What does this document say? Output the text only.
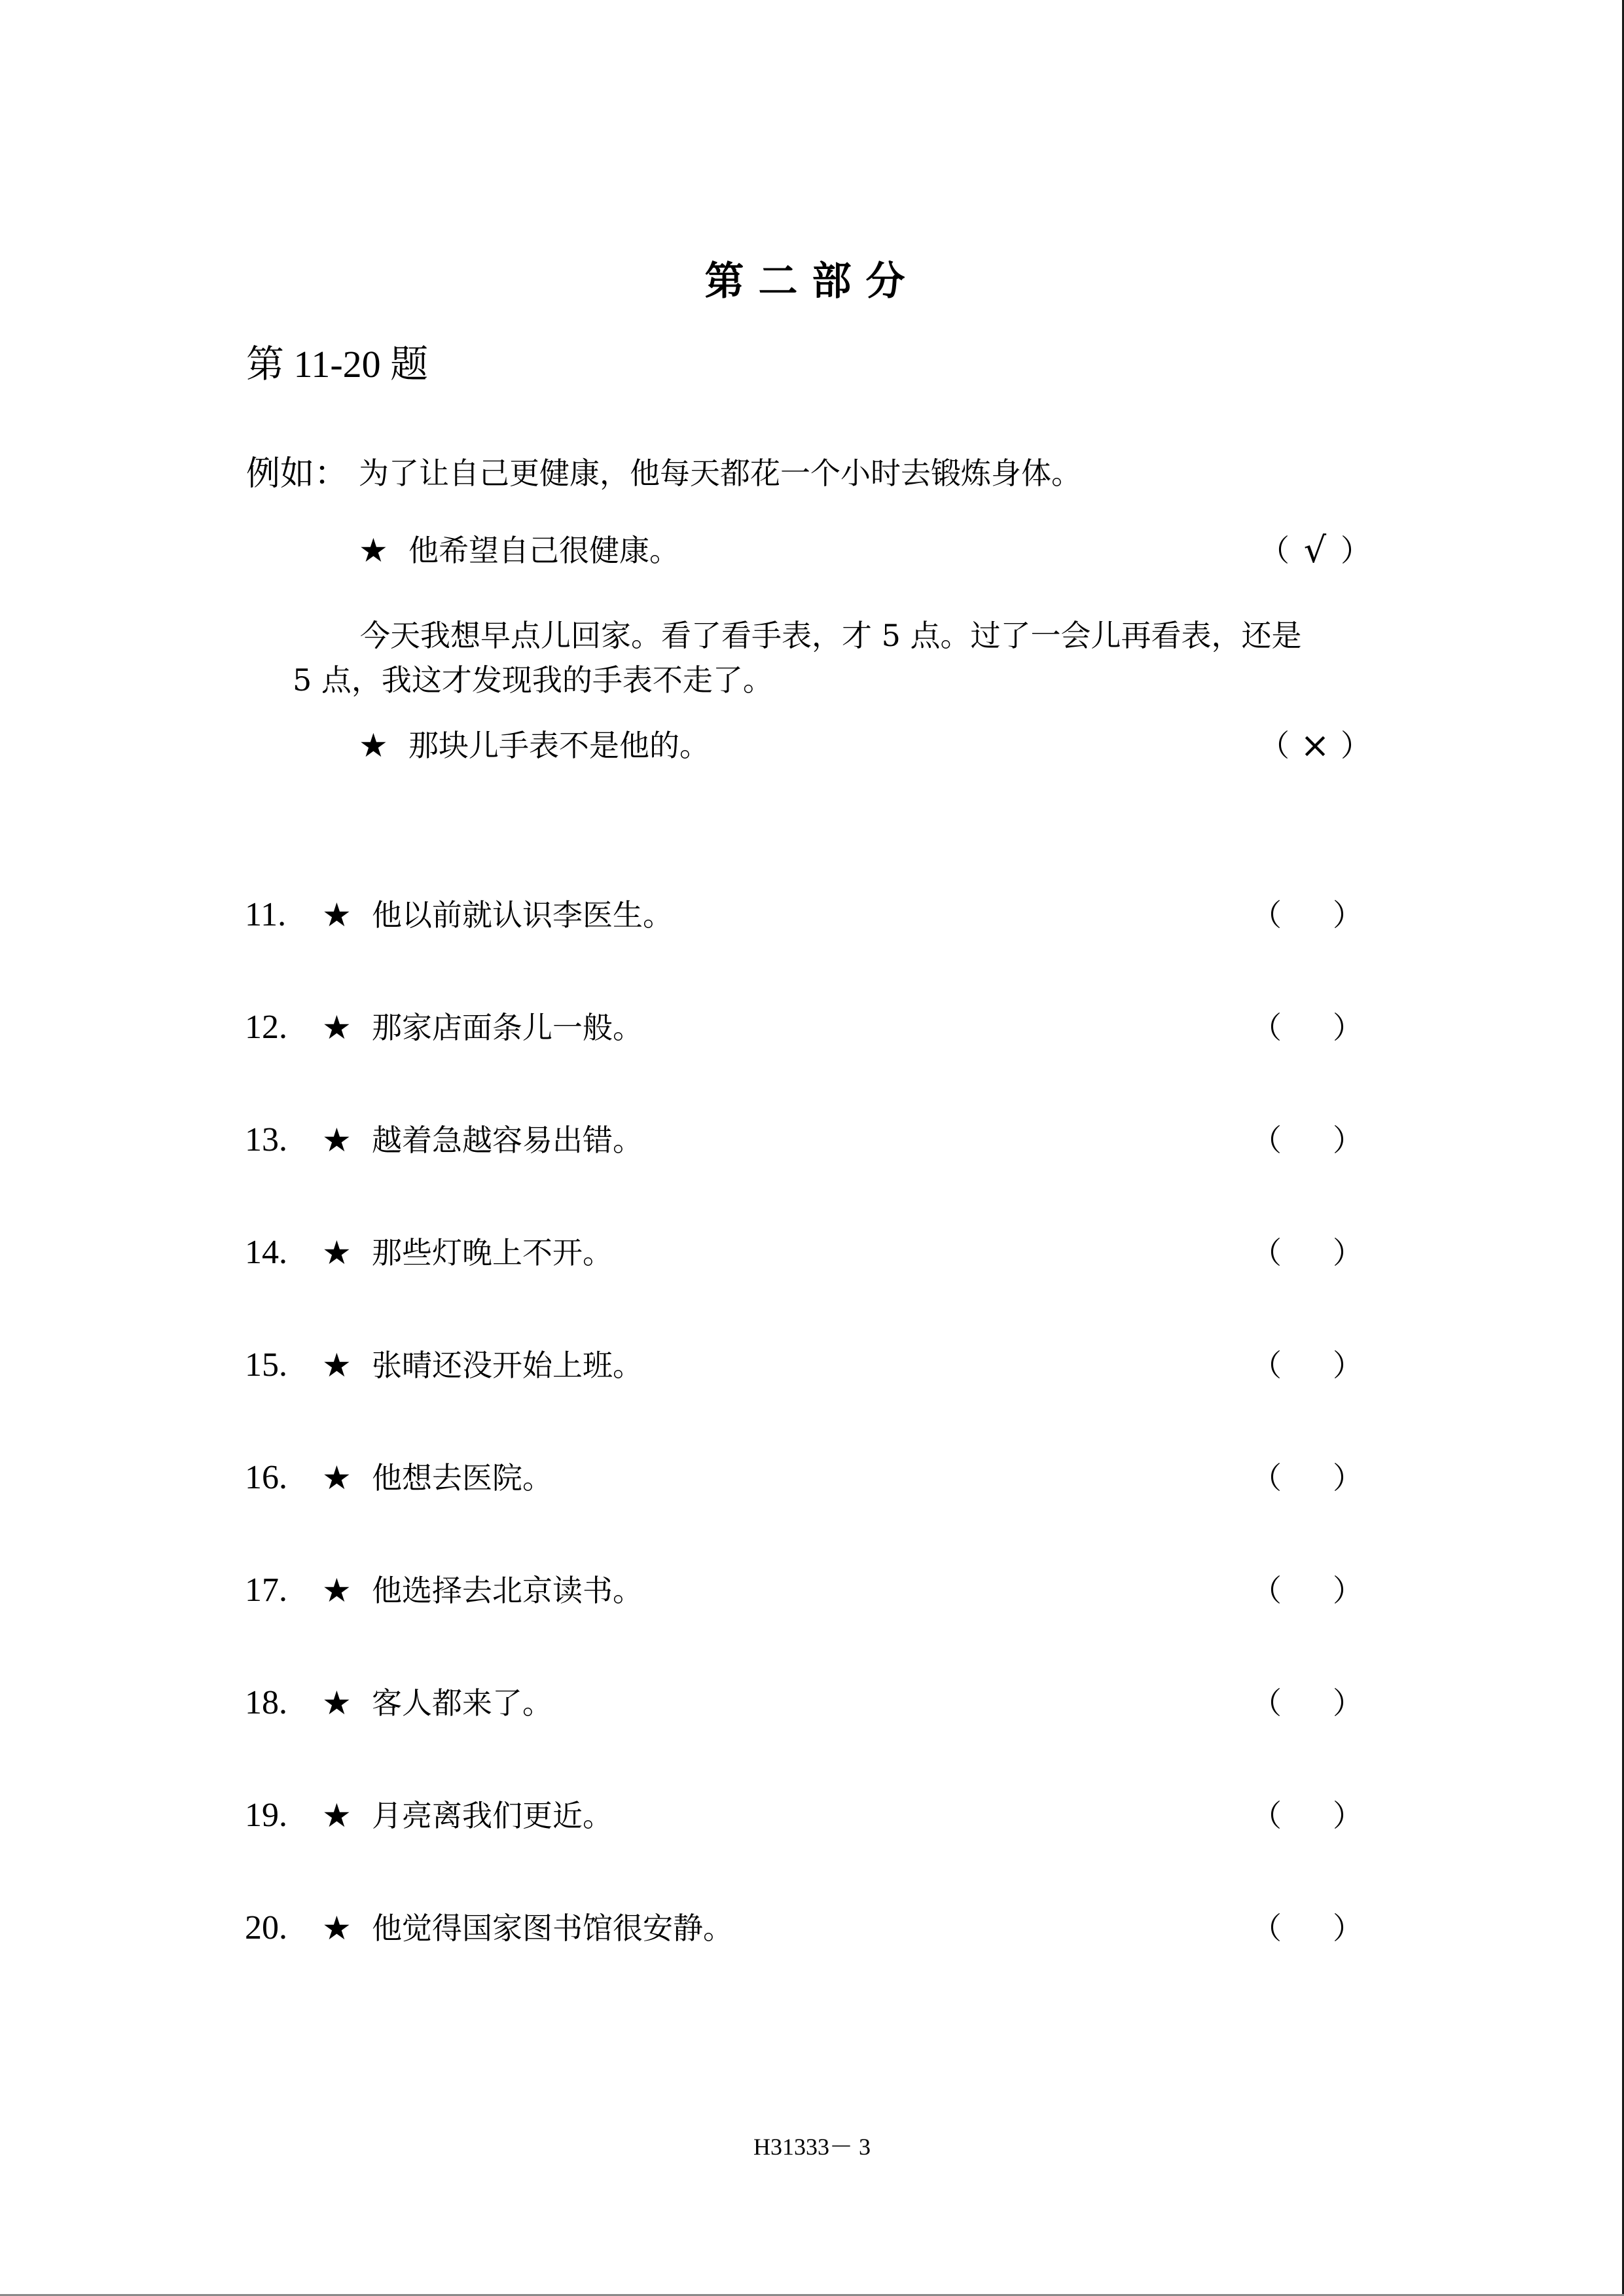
第二部分
第 11-20 题
例如： 为了让自己更健康，他每天都花一个小时去锻炼身体。
★ 他希望自己很健康。	（ √ ）
今天我想早点儿回家。看了看手表，才 5 点。过了一会儿再看表，还是
5 点，我这才发现我的手表不走了。
★ 那块儿手表不是他的。	（ × ）
11. ★ 他以前就认识李医生。	（ ）
12. ★ 那家店面条儿一般。	（ ）
13. ★ 越着急越容易出错。	（ ）
14. ★ 那些灯晚上不开。	（ ）
15. ★ 张晴还没开始上班。	（ ）
16. ★ 他想去医院。	（ ）
17. ★ 他选择去北京读书。	（ ）
18. ★ 客人都来了。	（ ）
19. ★ 月亮离我们更近。	（ ）
20. ★ 他觉得国家图书馆很安静。	（ ）
H31333－ 3
